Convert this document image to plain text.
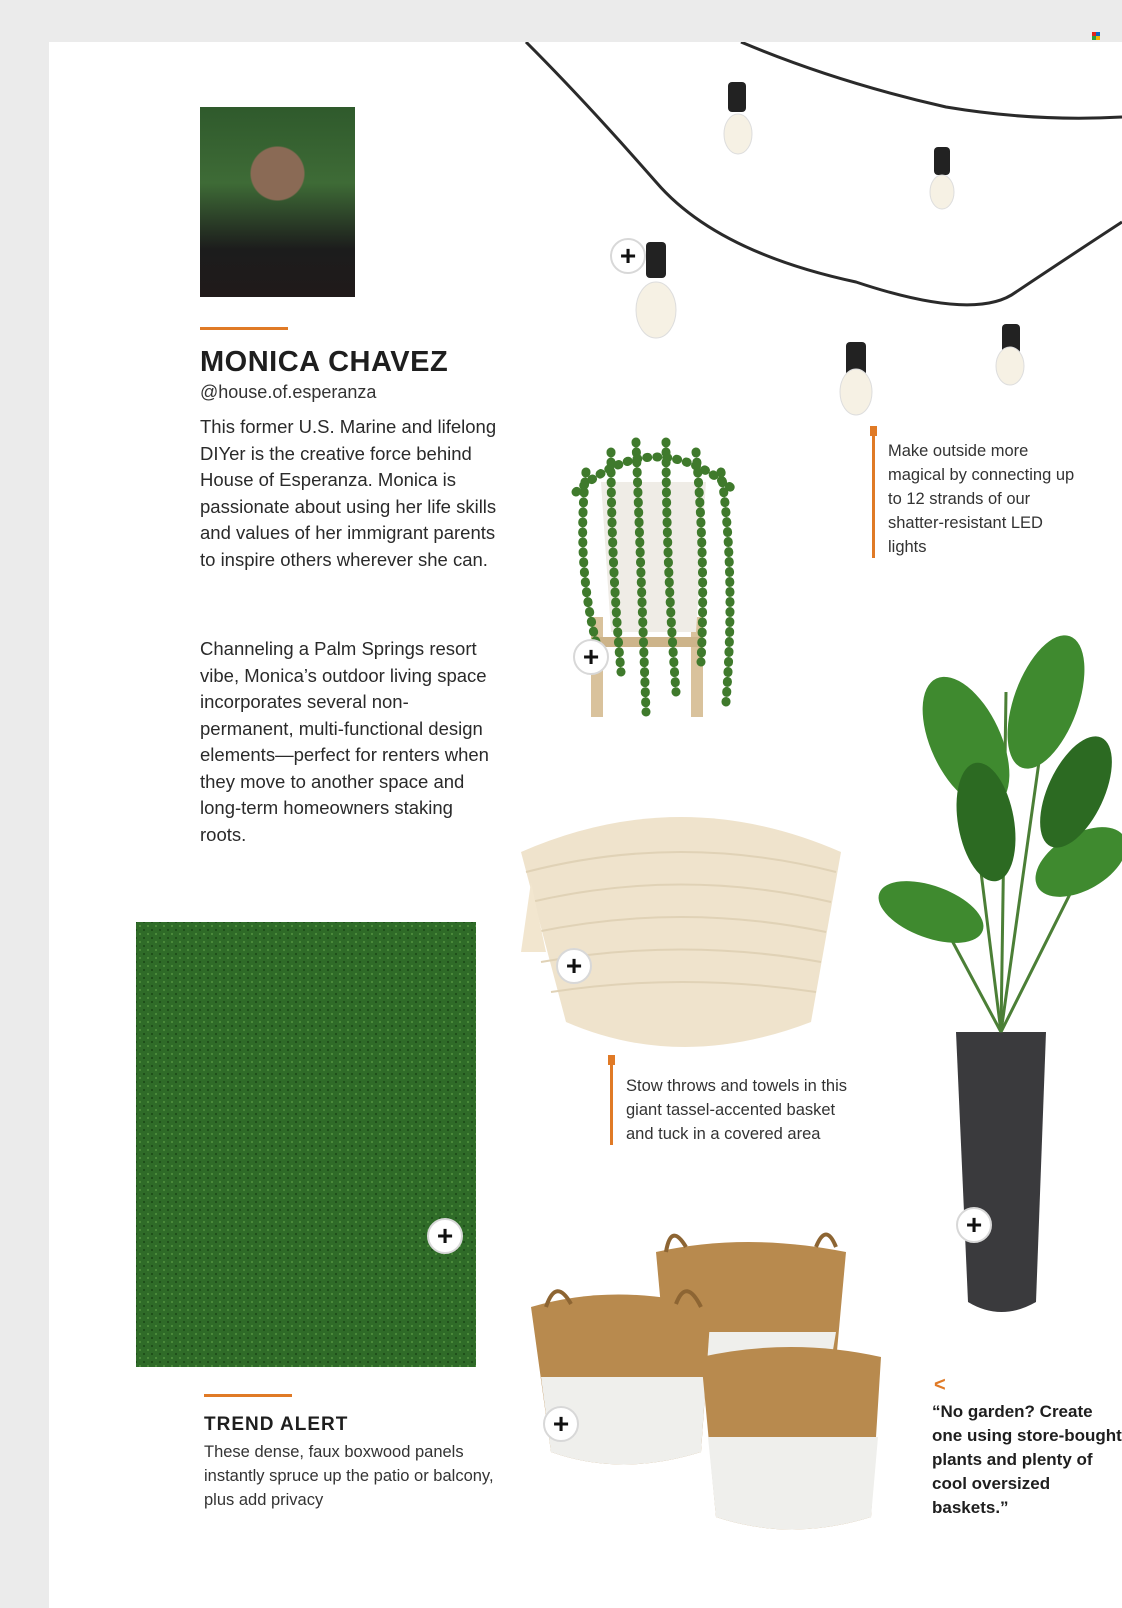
MONICA CHAVEZ
@house.of.esperanza

This former U.S. Marine and lifelong DIYer is the creative force behind House of Esperanza. Monica is passionate about using her life skills and values of her immigrant parents to inspire others wherever she can.

Channeling a Palm Springs resort vibe, Monica’s outdoor living space incorporates several non-permanent, multi-functional design elements—perfect for renters when they move to another space and long-term homeowners staking roots.

Make outside more magical by connecting up to 12 strands of our shatter-resistant LED lights
Stow throws and towels in this giant tassel-accented basket and tuck in a covered area
+
+
+
+
+
+
TREND ALERT
These dense, faux boxwood panels instantly spruce up the patio or balcony, plus add privacy
<
“No garden? Create one using store-bought plants and plenty of cool oversized baskets.”
